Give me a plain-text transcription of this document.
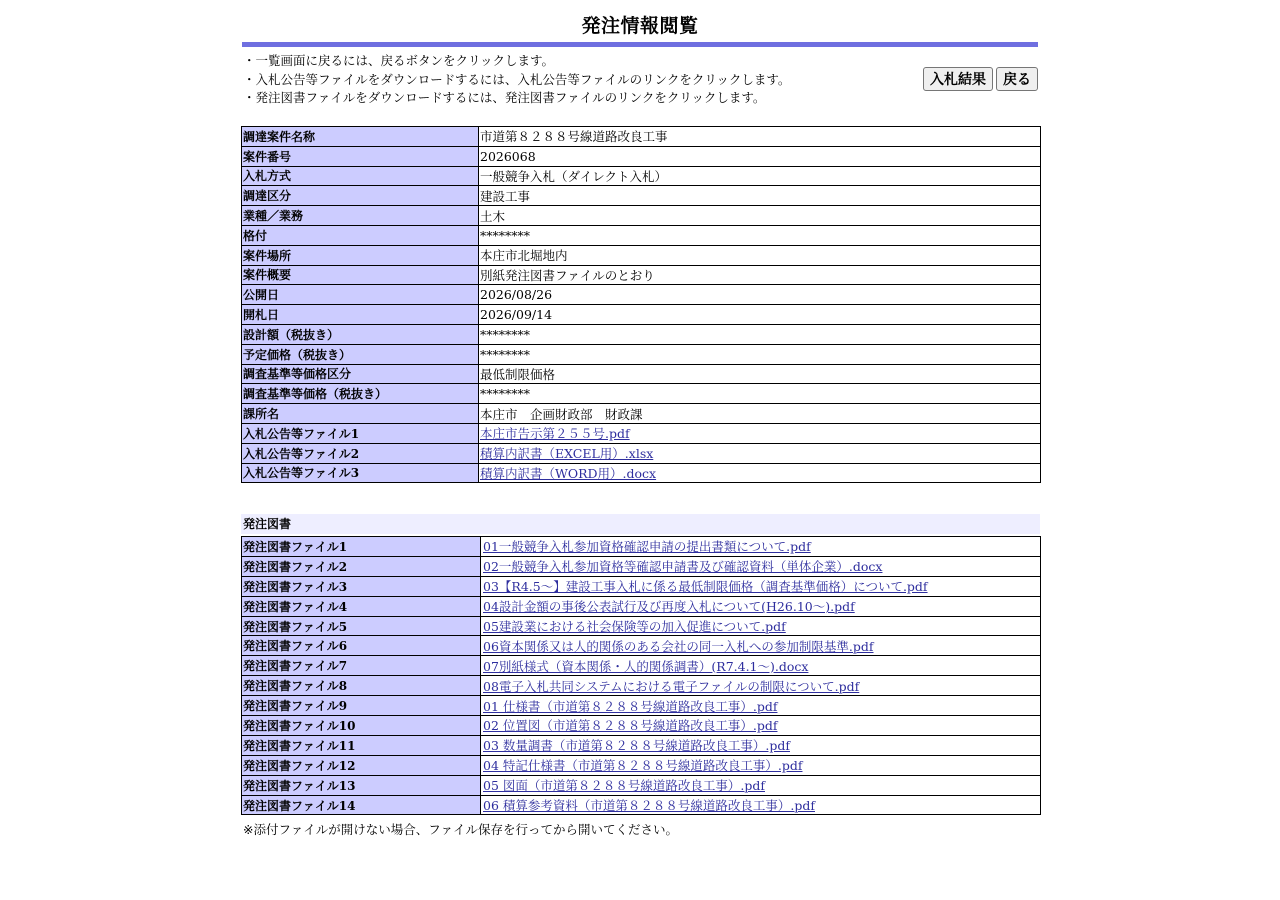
発注情報閲覧
・一覧画面に戻るには、戻るボタンをクリックします。
・入札公告等ファイルをダウンロードするには、入札公告等ファイルのリンクをクリックします。
・発注図書ファイルをダウンロードするには、発注図書ファイルのリンクをクリックします。
入札結果	戻る
調達案件名称	市道第８２８８号線道路改良工事
案件番号	2026068
入札方式	一般競争入札（ダイレクト入札）
調達区分	建設工事
業種／業務	土木
格付	********
案件場所	本庄市北堀地内
案件概要	別紙発注図書ファイルのとおり
公開日	2026/08/26
開札日	2026/09/14
設計額（税抜き）	********
予定価格（税抜き）	********
調査基準等価格区分	最低制限価格
調査基準等価格（税抜き）	********
課所名	本庄市　企画財政部　財政課
入札公告等ファイル1	本庄市告示第２５５号.pdf
入札公告等ファイル2	積算内訳書（EXCEL用）.xlsx
入札公告等ファイル3	積算内訳書（WORD用）.docx
発注図書
発注図書ファイル1	01一般競争入札参加資格確認申請の提出書類について.pdf
発注図書ファイル2	02一般競争入札参加資格等確認申請書及び確認資料（単体企業）.docx
発注図書ファイル3	03【R4.5～】建設工事入札に係る最低制限価格（調査基準価格）について.pdf
発注図書ファイル4	04設計金額の事後公表試行及び再度入札について(H26.10～).pdf
発注図書ファイル5	05建設業における社会保険等の加入促進について.pdf
発注図書ファイル6	06資本関係又は人的関係のある会社の同一入札への参加制限基準.pdf
発注図書ファイル7	07別紙様式（資本関係・人的関係調書）(R7.4.1～).docx
発注図書ファイル8	08電子入札共同システムにおける電子ファイルの制限について.pdf
発注図書ファイル9	01 仕様書（市道第８２８８号線道路改良工事）.pdf
発注図書ファイル10	02 位置図（市道第８２８８号線道路改良工事）.pdf
発注図書ファイル11	03 数量調書（市道第８２８８号線道路改良工事）.pdf
発注図書ファイル12	04 特記仕様書（市道第８２８８号線道路改良工事）.pdf
発注図書ファイル13	05 図面（市道第８２８８号線道路改良工事）.pdf
発注図書ファイル14	06 積算参考資料（市道第８２８８号線道路改良工事）.pdf
※添付ファイルが開けない場合、ファイル保存を行ってから開いてください。
